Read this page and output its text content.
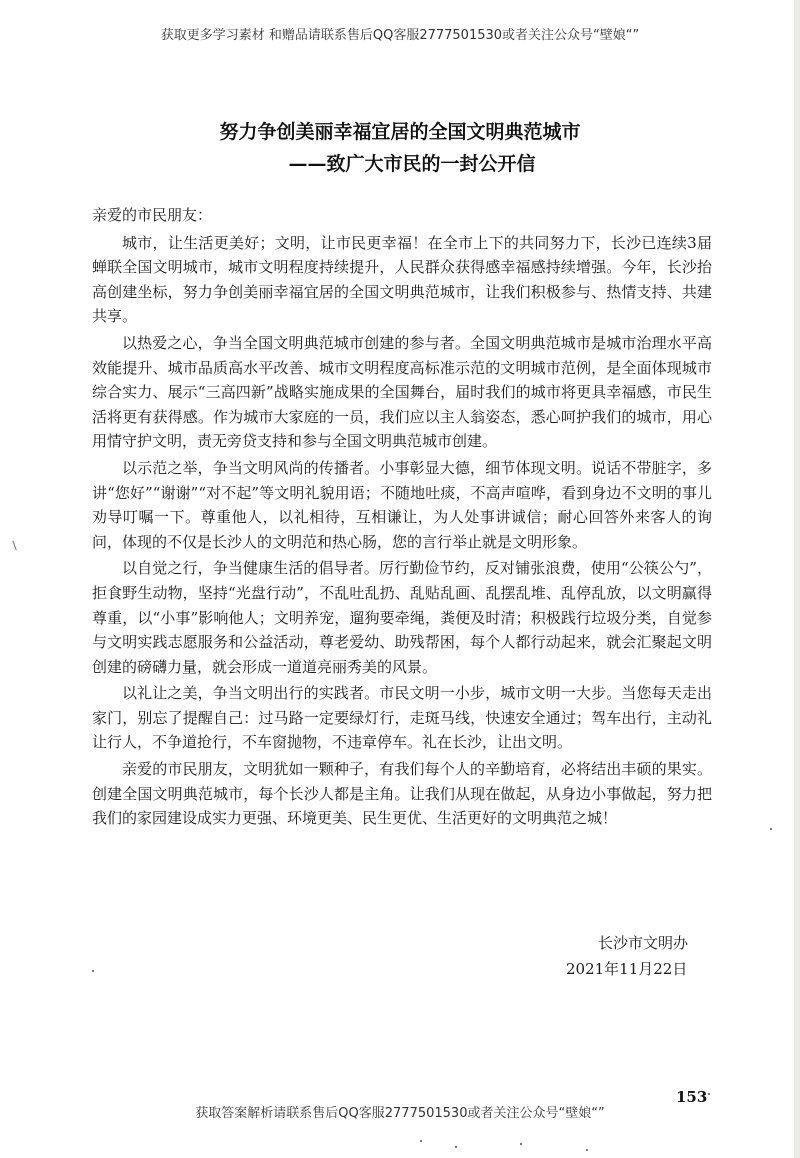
获取更多学习素材 和赠品请联系售后QQ客服2777501530或者关注公众号“壁娘“”
努力争创美丽幸福宜居的全国文明典范城市
——致广大市民的一封公开信

亲爱的市民朋友：

城市，让生活更美好；文明，让市民更幸福！在全市上下的共同努力下，长沙已连续3届蝉联全国文明城市，城市文明程度持续提升，人民群众获得感幸福感持续增强。今年，长沙抬高创建坐标，努力争创美丽幸福宜居的全国文明典范城市，让我们积极参与、热情支持、共建共享。

以热爱之心，争当全国文明典范城市创建的参与者。全国文明典范城市是城市治理水平高效能提升、城市品质高水平改善、城市文明程度高标准示范的文明城市范例，是全面体现城市综合实力、展示“三高四新”战略实施成果的全国舞台，届时我们的城市将更具幸福感，市民生活将更有获得感。作为城市大家庭的一员，我们应以主人翁姿态，悉心呵护我们的城市，用心用情守护文明，责无旁贷支持和参与全国文明典范城市创建。

以示范之举，争当文明风尚的传播者。小事彰显大德，细节体现文明。说话不带脏字，多讲“您好”“谢谢”“对不起”等文明礼貌用语；不随地吐痰，不高声喧哗，看到身边不文明的事儿劝导叮嘱一下。尊重他人，以礼相待，互相谦让，为人处事讲诚信；耐心回答外来客人的询问，体现的不仅是长沙人的文明范和热心肠，您的言行举止就是文明形象。

以自觉之行，争当健康生活的倡导者。厉行勤俭节约，反对铺张浪费，使用“公筷公勺”，拒食野生动物，坚持“光盘行动”，不乱吐乱扔、乱贴乱画、乱摆乱堆、乱停乱放，以文明赢得尊重，以“小事”影响他人；文明养宠，遛狗要牵绳，粪便及时清；积极践行垃圾分类，自觉参与文明实践志愿服务和公益活动，尊老爱幼、助残帮困，每个人都行动起来，就会汇聚起文明创建的磅礴力量，就会形成一道道亮丽秀美的风景。

以礼让之美，争当文明出行的实践者。市民文明一小步，城市文明一大步。当您每天走出家门，别忘了提醒自己：过马路一定要绿灯行，走斑马线，快速安全通过；驾车出行，主动礼让行人，不争道抢行，不车窗抛物，不违章停车。礼在长沙，让出文明。

亲爱的市民朋友，文明犹如一颗种子，有我们每个人的辛勤培育，必将结出丰硕的果实。创建全国文明典范城市，每个长沙人都是主角。让我们从现在做起，从身边小事做起，努力把我们的家园建设成实力更强、环境更美、民生更优、生活更好的文明典范之城！

长沙市文明办
2021年11月22日
153
获取答案解析请联系售后QQ客服2777501530或者关注公众号“壁娘“”
